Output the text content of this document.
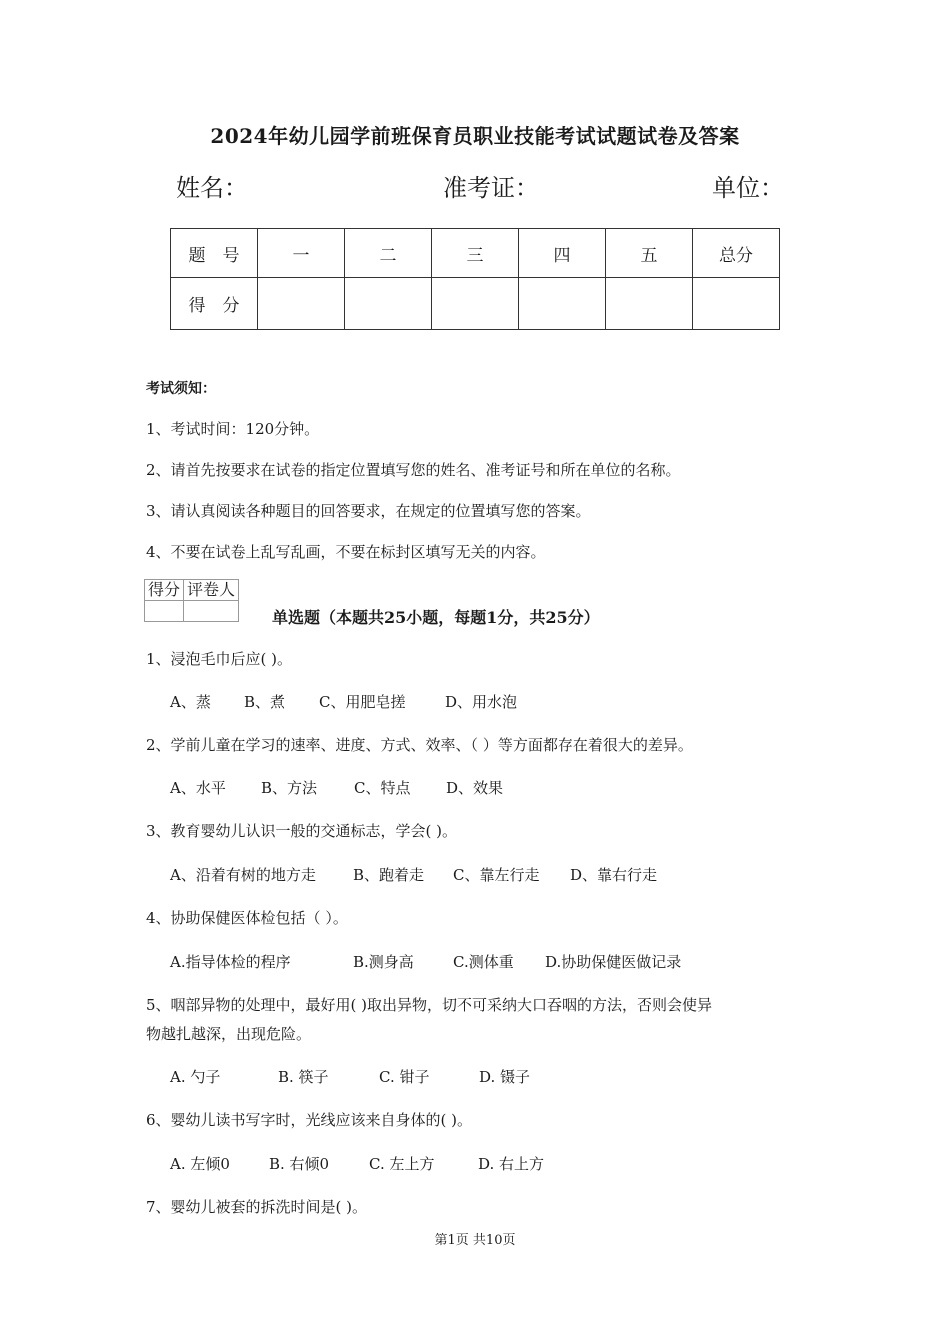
2024年幼儿园学前班保育员职业技能考试试题试卷及答案
姓名：	准考证：	单位：
题　号	一	二	三	四	五	总分
得　分						
考试须知：
1、考试时间：120分钟。
2、请首先按要求在试卷的指定位置填写您的姓名、准考证号和所在单位的名称。
3、请认真阅读各种题目的回答要求，在规定的位置填写您的答案。
4、不要在试卷上乱写乱画，不要在标封区填写无关的内容。
得分	评卷人

单选题（本题共25小题，每题1分，共25分）
1、浸泡毛巾后应( )。
A、蒸 B、煮 C、用肥皂搓	D、用水泡
2、学前儿童在学习的速率、进度、方式、效率、（ ）等方面都存在着很大的差异。
A、水平 B、方法 C、特点 D、效果
3、教育婴幼儿认识一般的交通标志，学会( )。
A、沿着有树的地方走 B、跑着走 C、靠左行走 D、靠右行走
4、协助保健医体检包括（ ）。
A.指导体检的程序	B.测身高	C.测体重 D.协助保健医做记录
5、咽部异物的处理中，最好用( )取出异物，切不可采纳大口吞咽的方法，否则会使异
物越扎越深，出现危险。
A. 勺子	B. 筷子	C. 钳子	D. 镊子
6、婴幼儿读书写字时，光线应该来自身体的( )。
A. 左倾0	B. 右倾0	C. 左上方	D. 右上方
7、婴幼儿被套的拆洗时间是( )。
第1页 共10页
